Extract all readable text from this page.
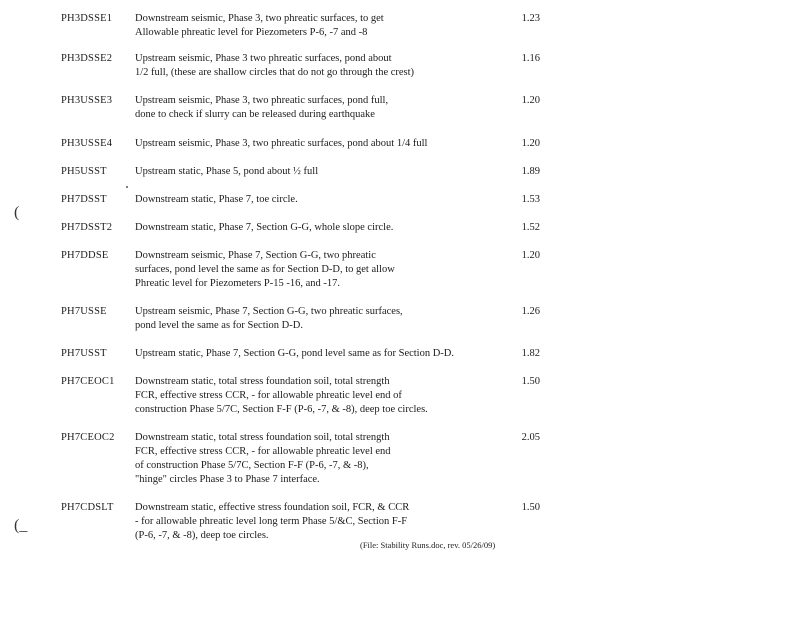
PH3DSSE1 Downstream seismic, Phase 3, two phreatic surfaces, to get
Allowable phreatic level for Piezometers P-6, -7 and -8
1.23
PH3DSSE2 Upstream seismic, Phase 3 two phreatic surfaces, pond about
1/2 full, (these are shallow circles that do not go through the crest)
1.16
PH3USSE3 Upstream seismic, Phase 3, two phreatic surfaces, pond full,
done to check if slurry can be released during earthquake
1.20
PH3USSE4 Upstream seismic, Phase 3, two phreatic surfaces, pond about 1/4 full	1.20
PH5USST	Upstream static, Phase 5, pond about ½ full	1.89
PH7DSST	Downstream static, Phase 7, toe circle.	1.53
PH7DSST2 Downstream static, Phase 7, Section G-G, whole slope circle.	1.52
PH7DDSE	Downstream seismic, Phase 7, Section G-G, two phreatic
surfaces, pond level the same as for Section D-D, to get allow
Phreatic level for Piezometers P-15 -16, and -17.
1.20
PH7USSE	Upstream seismic, Phase 7, Section G-G, two phreatic surfaces,
pond level the same as for Section D-D.
1.26
PH7USST	Upstream static, Phase 7, Section G-G, pond level same as for Section D-D.	1.82
PH7CEOC1 Downstream static, total stress foundation soil, total strength
FCR, effective stress CCR, - for allowable phreatic level end of
construction Phase 5/7C, Section F-F (P-6, -7, & -8), deep toe circles.
1.50
PH7CEOC2 Downstream static, total stress foundation soil, total strength
FCR, effective stress CCR, - for allowable phreatic level end
of construction Phase 5/7C, Section F-F (P-6, -7, & -8),
"hinge" circles Phase 3 to Phase 7 interface.
2.05
PH7CDSLT Downstream static, effective stress foundation soil, FCR, & CCR
- for allowable phreatic level long term Phase 5/&C, Section F-F
(P-6, -7, & -8), deep toe circles.
1.50
(File: Stability Runs.doc, rev. 05/26/09)
(
(_
